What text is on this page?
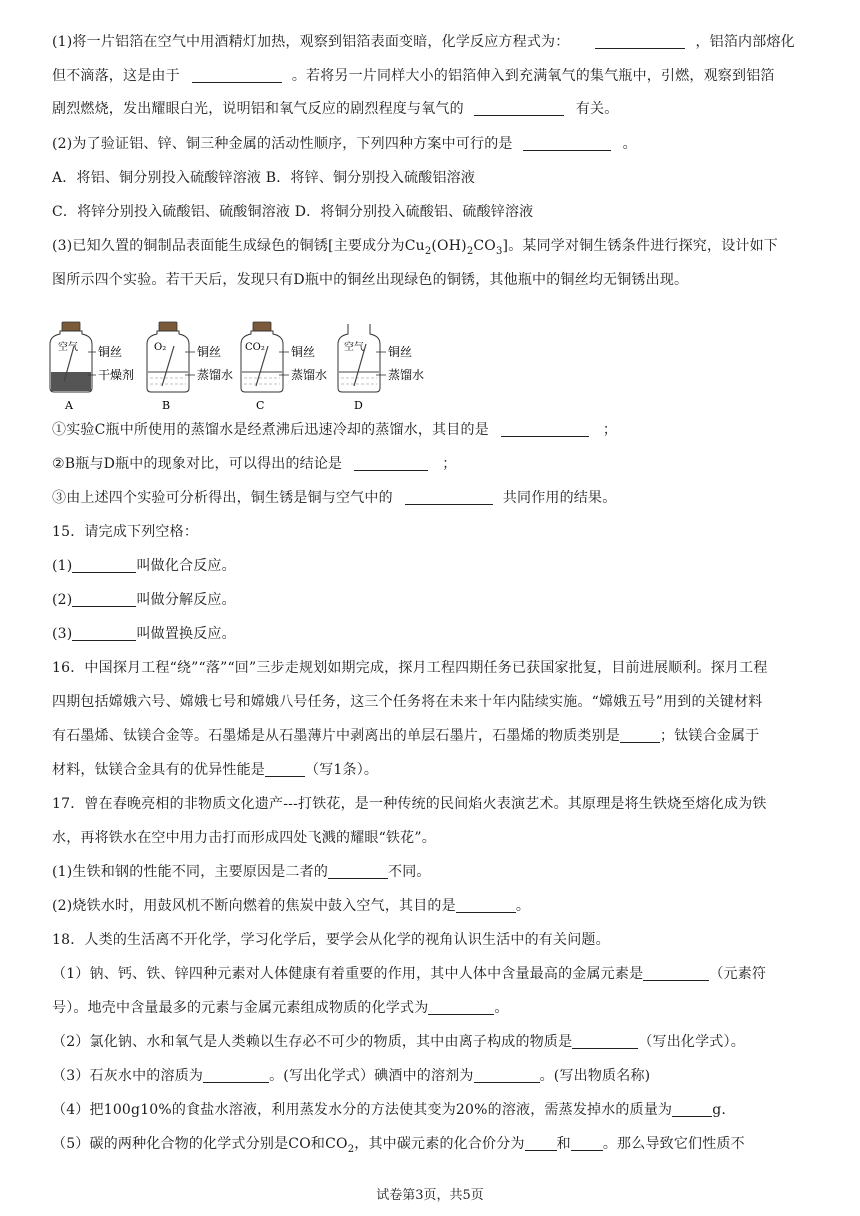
(1)将一片铝箔在空气中用酒精灯加热，观察到铝箔表面变暗，化学反应方程式为：	，铝箔内部熔化
但不滴落，这是由于	。若将另一片同样大小的铝箔伸入到充满氧气的集气瓶中，引燃，观察到铝箔
剧烈燃烧，发出耀眼白光，说明铝和氧气反应的剧烈程度与氧气的	有关。
(2)为了验证铝、锌、铜三种金属的活动性顺序，下列四种方案中可行的是	。
A．将铝、铜分别投入硫酸锌溶液 B．将锌、铜分别投入硫酸铝溶液
C．将锌分别投入硫酸铝、硫酸铜溶液 D．将铜分别投入硫酸铝、硫酸锌溶液
(3)已知久置的铜制品表面能生成绿色的铜锈[主要成分为$Cu_2(OH)_2CO_3$]。某同学对铜生锈条件进行探究，设计如下
图所示四个实验。若干天后，发现只有D瓶中的铜丝出现绿色的铜锈，其他瓶中的铜丝均无铜锈出现。
空气 铜丝
干燥剂
A
O₂	铜丝
蒸馏水
B
CO₂ 铜丝
蒸馏水
C
空气 铜丝
蒸馏水
D
①实验C瓶中所使用的蒸馏水是经煮沸后迅速冷却的蒸馏水，其目的是	；
②B瓶与D瓶中的现象对比，可以得出的结论是	；
③由上述四个实验可分析得出，铜生锈是铜与空气中的	共同作用的结果。
15．请完成下列空格：
(1)	叫做化合反应。
(2)	叫做分解反应。
(3)	叫做置换反应。
16．中国探月工程“绕”“落”“回”三步走规划如期完成，探月工程四期任务已获国家批复，目前进展顺利。探月工程
四期包括嫦娥六号、嫦娥七号和嫦娥八号任务，这三个任务将在未来十年内陆续实施。“嫦娥五号”用到的关键材料
有石墨烯、钛镁合金等。石墨烯是从石墨薄片中剥离出的单层石墨片，石墨烯的物质类别是	；钛镁合金属于
材料，钛镁合金具有的优异性能是	（写1条）。
17．曾在春晚亮相的非物质文化遗产---打铁花，是一种传统的民间焰火表演艺术。其原理是将生铁烧至熔化成为铁
水，再将铁水在空中用力击打而形成四处飞溅的耀眼“铁花”。
(1)生铁和钢的性能不同，主要原因是二者的	不同。
(2)烧铁水时，用鼓风机不断向燃着的焦炭中鼓入空气，其目的是	。
18．人类的生活离不开化学，学习化学后，要学会从化学的视角认识生活中的有关问题。
（1）钠、钙、铁、锌四种元素对人体健康有着重要的作用，其中人体中含量最高的金属元素是	（元素符
号）。地壳中含量最多的元素与金属元素组成物质的化学式为	。
（2）氯化钠、水和氧气是人类赖以生存必不可少的物质，其中由离子构成的物质是	（写出化学式）。
（3）石灰水中的溶质为	。(写出化学式）碘酒中的溶剂为	。(写出物质名称)
（4）把100g10%的食盐水溶液，利用蒸发水分的方法使其变为20%的溶液，需蒸发掉水的质量为	g.
（5）碳的两种化合物的化学式分别是CO和$CO_2$，其中碳元素的化合价分为 和 。那么导致它们性质不
试卷第3页，共5页
